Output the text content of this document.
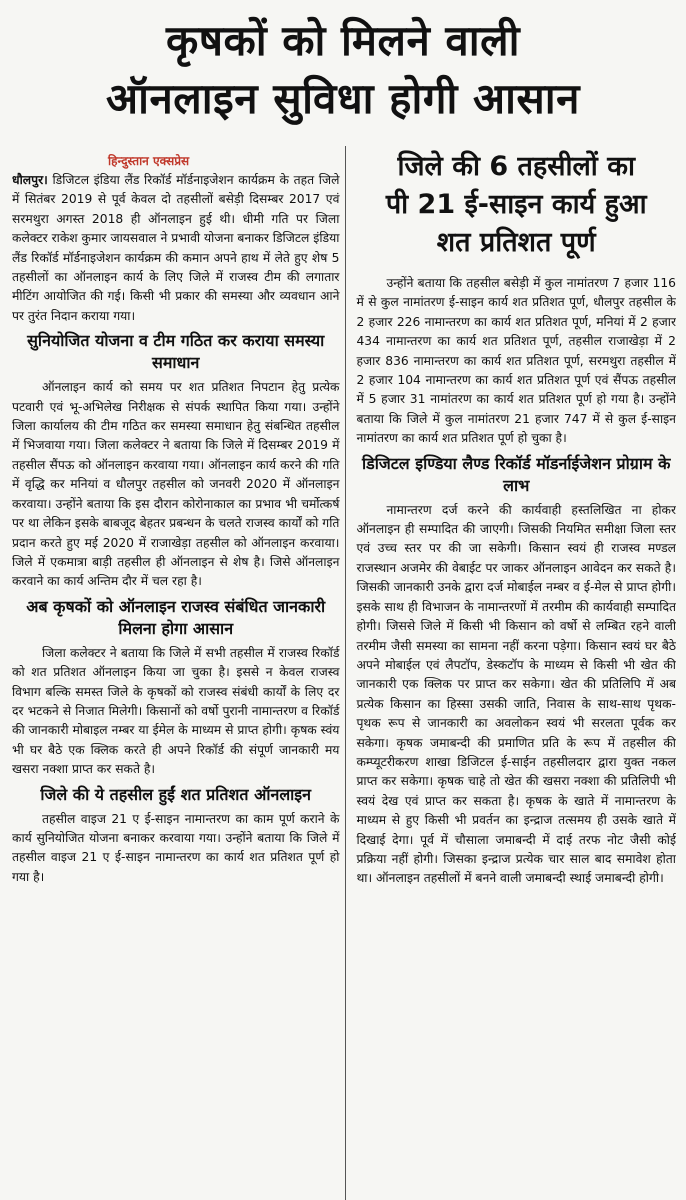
कृषकों को मिलने वाली
ऑनलाइन सुविधा होगी आसान
हिन्दुस्तान एक्सप्रेस

धौलपुर। डिजिटल इंडिया लैंड रिकॉर्ड मॉर्डनाइजेशन कार्यक्रम के तहत जिले में सितंबर 2019 से पूर्व केवल दो तहसीलों बसेड़ी दिसम्बर 2017 एवं सरमथुरा अगस्त 2018 ही ऑनलाइन हुई थी। धीमी गति पर जिला कलेक्टर राकेश कुमार जायसवाल ने प्रभावी योजना बनाकर डिजिटल इंडिया लैंड रिकॉर्ड मॉर्डनाइजेशन कार्यक्रम की कमान अपने हाथ में लेते हुए शेष 5 तहसीलों का ऑनलाइन कार्य के लिए जिले में राजस्व टीम की लगातार मीटिंग आयोजित की गई। किसी भी प्रकार की समस्या और व्यवधान आने पर तुरंत निदान कराया गया।

सुनियोजित योजना व टीम गठित कर कराया समस्या समाधान

ऑनलाइन कार्य को समय पर शत प्रतिशत निपटान हेतु प्रत्येक पटवारी एवं भू-अभिलेख निरीक्षक से संपर्क स्थापित किया गया। उन्होंने जिला कार्यालय की टीम गठित कर समस्या समाधान हेतु संबन्धित तहसील में भिजवाया गया। जिला कलेक्टर ने बताया कि जिले में दिसम्बर 2019 में तहसील सैंपऊ को ऑनलाइन करवाया गया। ऑनलाइन कार्य करने की गति में वृद्धि कर मनियां व धौलपुर तहसील को जनवरी 2020 में ऑनलाइन करवाया। उन्होंने बताया कि इस दौरान कोरोनाकाल का प्रभाव भी चर्मोत्कर्ष पर था लेकिन इसके बाबजूद बेहतर प्रबन्धन के चलते राजस्व कार्यों को गति प्रदान करते हुए मई 2020 में राजाखेड़ा तहसील को ऑनलाइन करवाया। जिले में एकमात्रा बाड़ी तहसील ही ऑनलाइन से शेष है। जिसे ऑनलाइन करवाने का कार्य अन्तिम दौर में चल रहा है।

अब कृषकों को ऑनलाइन राजस्व संबंधित जानकारी मिलना होगा आसान

जिला कलेक्टर ने बताया कि जिले में सभी तहसील में राजस्व रिकॉर्ड को शत प्रतिशत ऑनलाइन किया जा चुका है। इससे न केवल राजस्व विभाग बल्कि समस्त जिले के कृषकों को राजस्व संबंधी कार्यों के लिए दर दर भटकने से निजात मिलेगी। किसानों को वर्षो पुरानी नामान्तरण व रिकॉर्ड की जानकारी मोबाइल नम्बर या ईमेल के माध्यम से प्राप्त होगी। कृषक स्वंय भी घर बैठे एक क्लिक करते ही अपने रिकॉर्ड की संपूर्ण जानकारी मय खसरा नक्शा प्राप्त कर सकते है।

जिले की ये तहसील हुईं शत प्रतिशत ऑनलाइन

तहसील वाइज 21 ए ई-साइन नामान्तरण का काम पूर्ण कराने के कार्य सुनियोजित योजना बनाकर करवाया गया। उन्होंने बताया कि जिले में तहसील वाइज 21 ए ई-साइन नामान्तरण का कार्य शत प्रतिशत पूर्ण हो गया है।

जिले की 6 तहसीलों का
पी 21 ई-साइन कार्य हुआ
शत प्रतिशत पूर्ण

उन्होंने बताया कि तहसील बसेड़ी में कुल नामांतरण 7 हजार 116 में से कुल नामांतरण ई-साइन कार्य शत प्रतिशत पूर्ण, धौलपुर तहसील के 2 हजार 226 नामान्तरण का कार्य शत प्रतिशत पूर्ण, मनियां में 2 हजार 434 नामान्तरण का कार्य शत प्रतिशत पूर्ण, तहसील राजाखेड़ा में 2 हजार 836 नामान्तरण का कार्य शत प्रतिशत पूर्ण, सरमथुरा तहसील में 2 हजार 104 नामान्तरण का कार्य शत प्रतिशत पूर्ण एवं सैंपऊ तहसील में 5 हजार 31 नामांतरण का कार्य शत प्रतिशत पूर्ण हो गया है। उन्होंने बताया कि जिले में कुल नामांतरण 21 हजार 747 में से कुल ई-साइन नामांतरण का कार्य शत प्रतिशत पूर्ण हो चुका है।

डिजिटल इण्डिया लैण्ड रिकॉर्ड मॉडर्नाईजेशन प्रोग्राम के लाभ

नामान्तरण दर्ज करने की कार्यवाही हस्तलिखित ना होकर ऑनलाइन ही सम्पादित की जाएगी। जिसकी नियमित समीक्षा जिला स्तर एवं उच्च स्तर पर की जा सकेगी। किसान स्वयं ही राजस्व मण्डल राजस्थान अजमेर की वेबाईट पर जाकर ऑनलाइन आवेदन कर सकते है। जिसकी जानकारी उनके द्वारा दर्ज मोबाईल नम्बर व ई-मेल से प्राप्त होगी। इसके साथ ही विभाजन के नामान्तरणों में तरमीम की कार्यवाही सम्पादित होगी। जिससे जिले में किसी भी किसान को वर्षो से लम्बित रहने वाली तरमीम जैसी समस्या का सामना नहीं करना पड़ेगा। किसान स्वयं घर बैठे अपने मोबाईल एवं लैपटॉप, डेस्कटॉप के माध्यम से किसी भी खेत की जानकारी एक क्लिक पर प्राप्त कर सकेगा। खेत की प्रतिलिपि में अब प्रत्येक किसान का हिस्सा उसकी जाति, निवास के साथ-साथ पृथक-पृथक रूप से जानकारी का अवलोकन स्वयं भी सरलता पूर्वक कर सकेगा। कृषक जमाबन्दी की प्रमाणित प्रति के रूप में तहसील की कम्प्यूटरीकरण शाखा डिजिटल ई-साईन तहसीलदार द्वारा युक्त नकल प्राप्त कर सकेगा। कृषक चाहे तो खेत की खसरा नक्शा की प्रतिलिपी भी स्वयं देख एवं प्राप्त कर सकता है। कृषक के खाते में नामान्तरण के माध्यम से हुए किसी भी प्रवर्तन का इन्द्राज तत्समय ही उसके खाते में दिखाई देगा। पूर्व में चौसाला जमाबन्दी में दाई तरफ नोट जैसी कोई प्रक्रिया नहीं होगी। जिसका इन्द्राज प्रत्येक चार साल बाद समावेश होता था। ऑनलाइन तहसीलों में बनने वाली जमाबन्दी स्थाई जमाबन्दी होगी।
